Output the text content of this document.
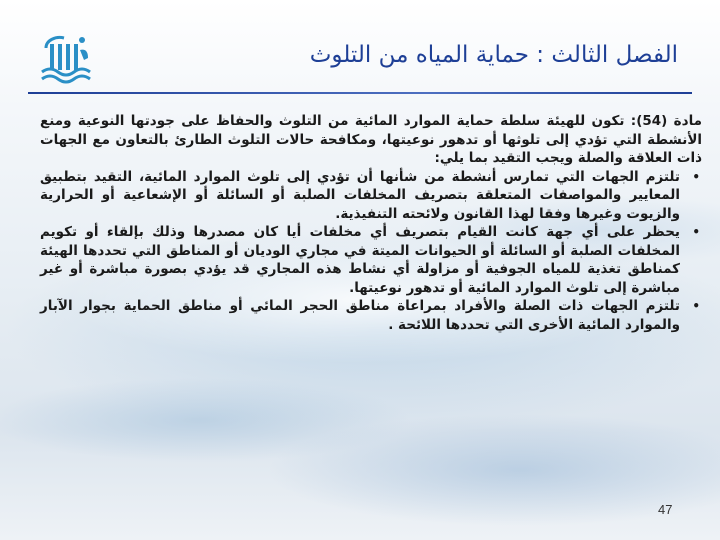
الفصل الثالث : حماية المياه من التلوث

مادة (54): تكون للهيئة سلطة حماية الموارد المائية من التلوث والحفاظ على جودتها النوعية ومنع الأنشطة التي تؤدي إلى تلوثها أو تدهور نوعيتها، ومكافحة حالات التلوث الطارئ بالتعاون مع الجهات ذات العلاقة والصلة ويجب التقيد بما يلي:

•
تلتزم الجهات التي تمارس أنشطة من شأنها أن تؤدي إلى تلوث الموارد المائية، التقيد بتطبيق المعايير والمواصفات المتعلقة بتصريف المخلفات الصلبة أو السائلة أو الإشعاعية أو الحرارية والزيوت وغيرها وفقا لهذا القانون ولائحته التنفيذية.
•
يحظر على أي جهة كانت القيام بتصريف أي مخلفات أيا كان مصدرها وذلك بإلقاء أو تكويم المخلفات الصلبة أو السائلة أو الحيوانات الميتة في مجاري الوديان أو المناطق التي تحددها الهيئة كمناطق تغذية للمياه الجوفية أو مزاولة أي نشاط هذه المجاري قد يؤدي بصورة مباشرة أو غير مباشرة إلى تلوث الموارد المائية أو تدهور نوعيتها.
•
تلتزم الجهات ذات الصلة والأفراد بمراعاة مناطق الحجر المائي أو مناطق الحماية بجوار الآبار والموارد المائية الأخرى التي تحددها اللائحة .
47
